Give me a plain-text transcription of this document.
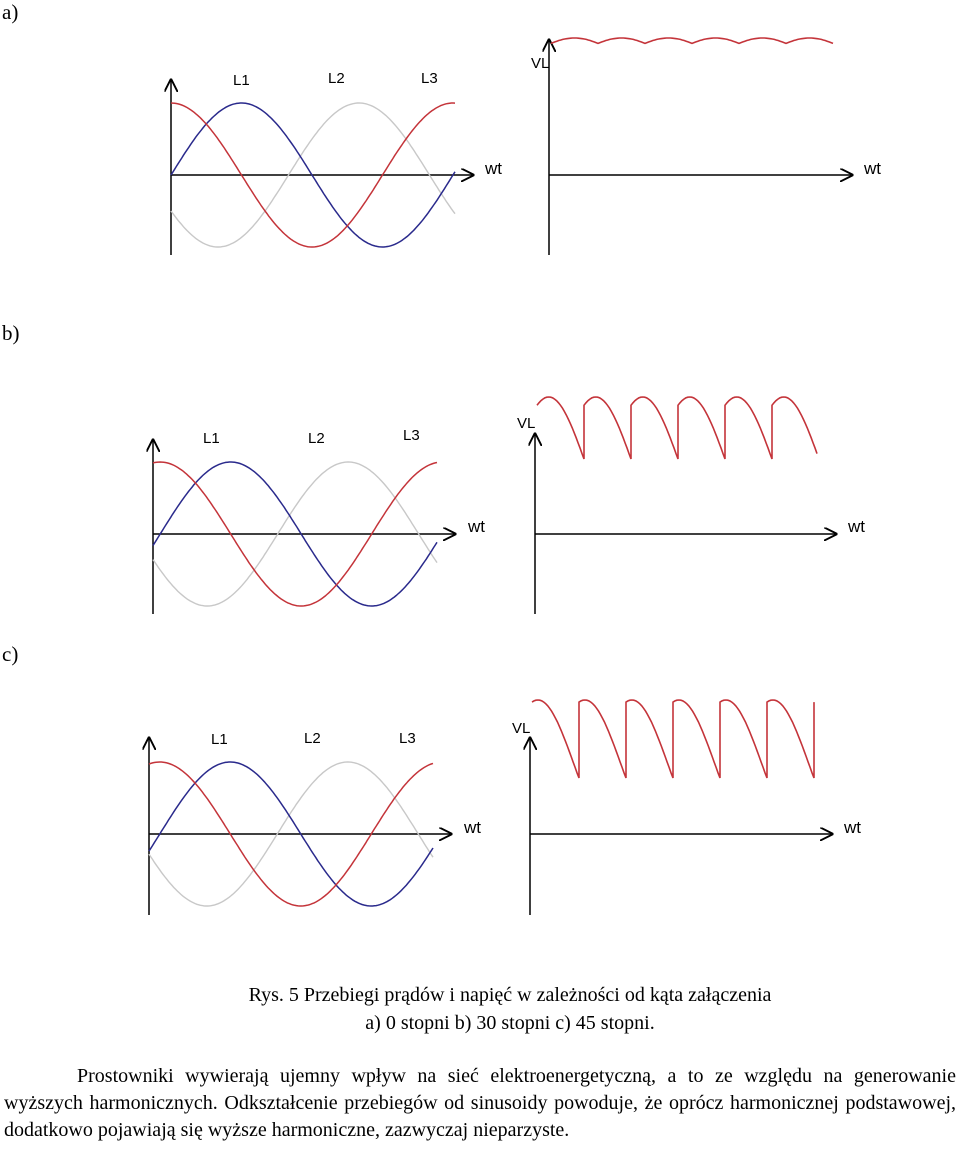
a)
b)
c)
L1	L2	L3
wt
VL
wt
L1	L2	L3
wt
VL
wt
L1	L2	L3
wt
VL
wt
Rys. 5 Przebiegi prądów i napięć w zależności od kąta załączenia
a) 0 stopni b) 30 stopni c) 45 stopni.
Prostowniki wywierają ujemny wpływ na sieć elektroenergetyczną, a to ze względu na generowanie wyższych harmonicznych. Odkształcenie przebiegów od sinusoidy powoduje, że oprócz harmonicznej podstawowej, dodatkowo pojawiają się wyższe harmoniczne, zazwyczaj nieparzyste.
